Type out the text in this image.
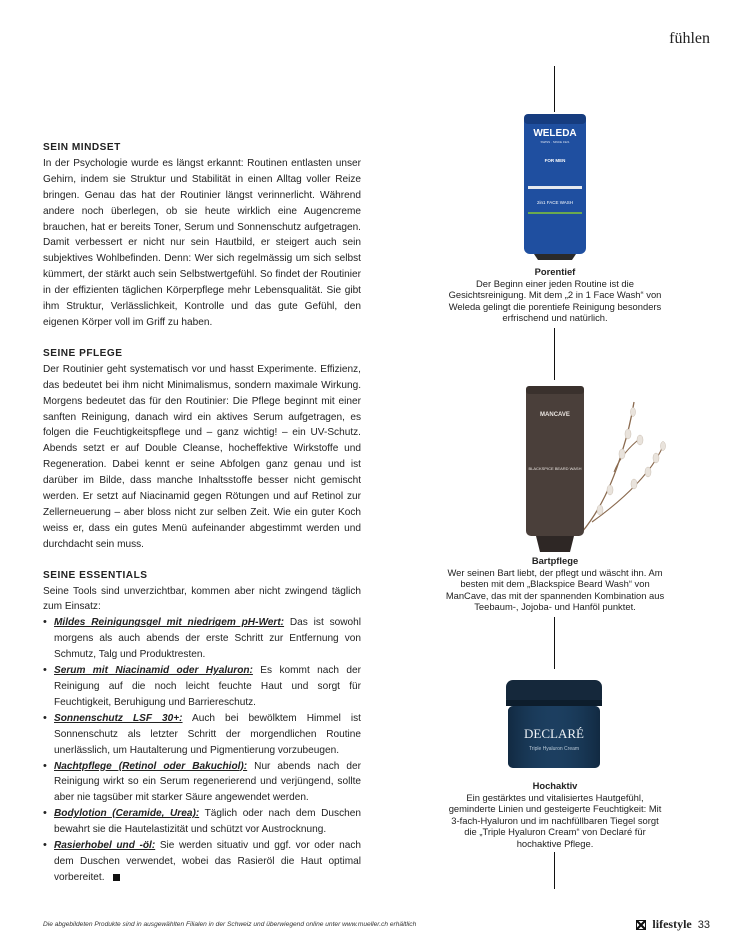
fühlen
SEIN MINDSET

In der Psychologie wurde es längst erkannt: Routinen entlasten unser Gehirn, indem sie Struktur und Stabilität in einen Alltag voller Reize bringen. Genau das hat der Routinier längst verinnerlicht. Während andere noch überlegen, ob sie heute wirklich eine Augencreme brauchen, hat er bereits Toner, Serum und Sonnenschutz aufgetragen. Damit verbessert er nicht nur sein Hautbild, er steigert auch sein subjektives Wohlbefinden. Denn: Wer sich regelmässig um sich selbst kümmert, der stärkt auch sein Selbstwertgefühl. So findet der Routinier in der effizienten täglichen Körperpflege mehr Lebensqualität. Sie gibt ihm Struktur, Verlässlichkeit, Kontrolle und das gute Gefühl, den eigenen Körper voll im Griff zu haben.

SEINE PFLEGE

Der Routinier geht systematisch vor und hasst Experimente. Effizienz, das bedeutet bei ihm nicht Minimalismus, sondern maximale Wirkung. Morgens bedeutet das für den Routinier: Die Pflege beginnt mit einer sanften Reinigung, danach wird ein aktives Serum aufgetragen, es folgen die Feuchtigkeitspflege und – ganz wichtig! – ein UV-Schutz. Abends setzt er auf Double Cleanse, hocheffektive Wirkstoffe und Regeneration. Dabei kennt er seine Abfolgen ganz genau und ist darüber im Bilde, dass manche Inhaltsstoffe besser nicht gemischt werden. Er setzt auf Niacinamid gegen Rötungen und auf Retinol zur Zellerneuerung – aber bloss nicht zur selben Zeit. Wie ein guter Koch weiss er, dass ein gutes Menü aufeinander abgestimmt werden und durchdacht sein muss.

SEINE ESSENTIALS

Seine Tools sind unverzichtbar, kommen aber nicht zwingend täglich zum Einsatz:

• Mildes Reinigungsgel mit niedrigem pH-Wert: Das ist sowohl morgens als auch abends der erste Schritt zur Entfernung von Schmutz, Talg und Produktresten.
• Serum mit Niacinamid oder Hyaluron: Es kommt nach der Reinigung auf die noch leicht feuchte Haut und sorgt für Feuchtigkeit, Beruhigung und Barriereschutz.
• Sonnenschutz LSF 30+: Auch bei bewölktem Himmel ist Sonnenschutz als letzter Schritt der morgendlichen Routine unerlässlich, um Hautalterung und Pigmentierung vorzubeugen.
• Nachtpflege (Retinol oder Bakuchiol): Nur abends nach der Reinigung wirkt so ein Serum regenerierend und verjüngend, sollte aber nie tagsüber mit starker Säure angewendet werden.
• Bodylotion (Ceramide, Urea): Täglich oder nach dem Duschen bewahrt sie die Hautelastizität und schützt vor Austrocknung.
• Rasierhobel und -öl: Sie werden situativ und ggf. vor oder nach dem Duschen verwendet, wobei das Rasieröl die Haut optimal vorbereitet.
WELEDA
SWISS · SINCE 1921
FOR MEN
2in1 FACE WASH
Porentief
Der Beginn einer jeden Routine ist die Gesichtsreinigung. Mit dem „2 in 1 Face Wash“ von Weleda gelingt die porentiefe Reinigung besonders erfrischend und natürlich.
MANCAVE
BLACKSPICE BEARD WASH
Bartpflege
Wer seinen Bart liebt, der pflegt und wäscht ihn. Am besten mit dem „Blackspice Beard Wash“ von ManCave, das mit der spannenden Kombination aus Teebaum-, Jojoba- und Hanföl punktet.
DECLARÉ
Triple Hyaluron Cream
Hochaktiv
Ein gestärktes und vitalisiertes Hautgefühl, geminderte Linien und gesteigerte Feuchtigkeit: Mit 3-fach-Hyaluron und im nachfüllbaren Tiegel sorgt die „Triple Hyaluron Cream“ von Declaré für hochaktive Pflege.
Die abgebildeten Produkte sind in ausgewählten Filialen in der Schweiz und überwiegend online unter www.mueller.ch erhältlich	lifestyle 33
